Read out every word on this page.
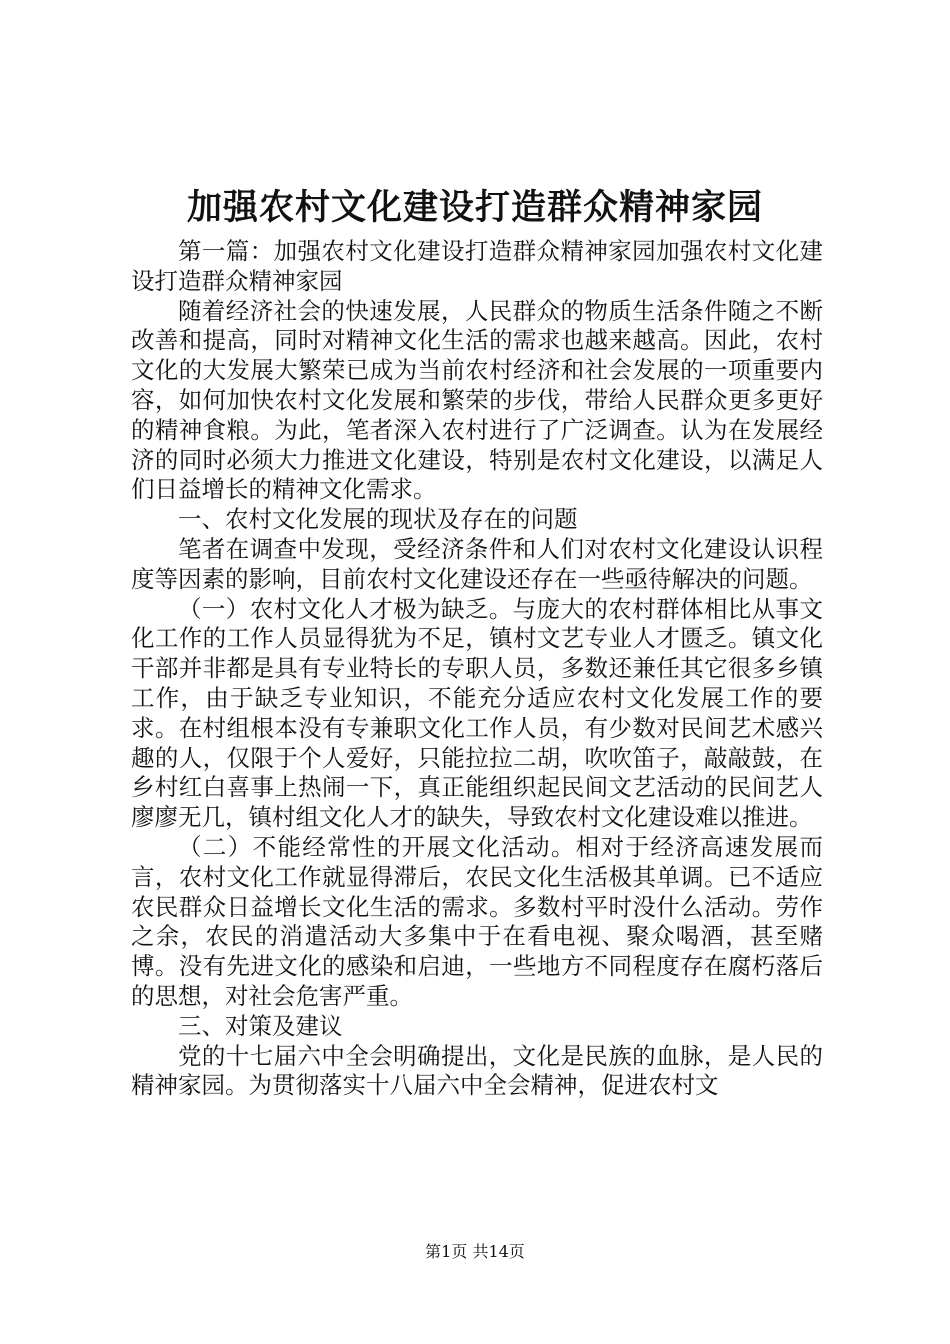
加强农村文化建设打造群众精神家园

第一篇：加强农村文化建设打造群众精神家园加强农村文化建设打造群众精神家园

随着经济社会的快速发展，人民群众的物质生活条件随之不断改善和提高，同时对精神文化生活的需求也越来越高。因此，农村文化的大发展大繁荣已成为当前农村经济和社会发展的一项重要内容，如何加快农村文化发展和繁荣的步伐，带给人民群众更多更好的精神食粮。为此，笔者深入农村进行了广泛调查。认为在发展经济的同时必须大力推进文化建设，特别是农村文化建设，以满足人们日益增长的精神文化需求。

一、农村文化发展的现状及存在的问题

笔者在调查中发现，受经济条件和人们对农村文化建设认识程度等因素的影响，目前农村文化建设还存在一些亟待解决的问题。

（一）农村文化人才极为缺乏。与庞大的农村群体相比从事文化工作的工作人员显得犹为不足，镇村文艺专业人才匮乏。镇文化干部并非都是具有专业特长的专职人员，多数还兼任其它很多乡镇工作，由于缺乏专业知识，不能充分适应农村文化发展工作的要求。在村组根本没有专兼职文化工作人员，有少数对民间艺术感兴趣的人，仅限于个人爱好，只能拉拉二胡，吹吹笛子，敲敲鼓，在乡村红白喜事上热闹一下，真正能组织起民间文艺活动的民间艺人廖廖无几，镇村组文化人才的缺失，导致农村文化建设难以推进。

（二）不能经常性的开展文化活动。相对于经济高速发展而言，农村文化工作就显得滞后，农民文化生活极其单调。已不适应农民群众日益增长文化生活的需求。多数村平时没什么活动。劳作之余，农民的消遣活动大多集中于在看电视、聚众喝酒，甚至赌博。没有先进文化的感染和启迪，一些地方不同程度存在腐朽落后的思想，对社会危害严重。

三、对策及建议

党的十七届六中全会明确提出，文化是民族的血脉，是人民的精神家园。为贯彻落实十八届六中全会精神，促进农村文

第1页 共14页
